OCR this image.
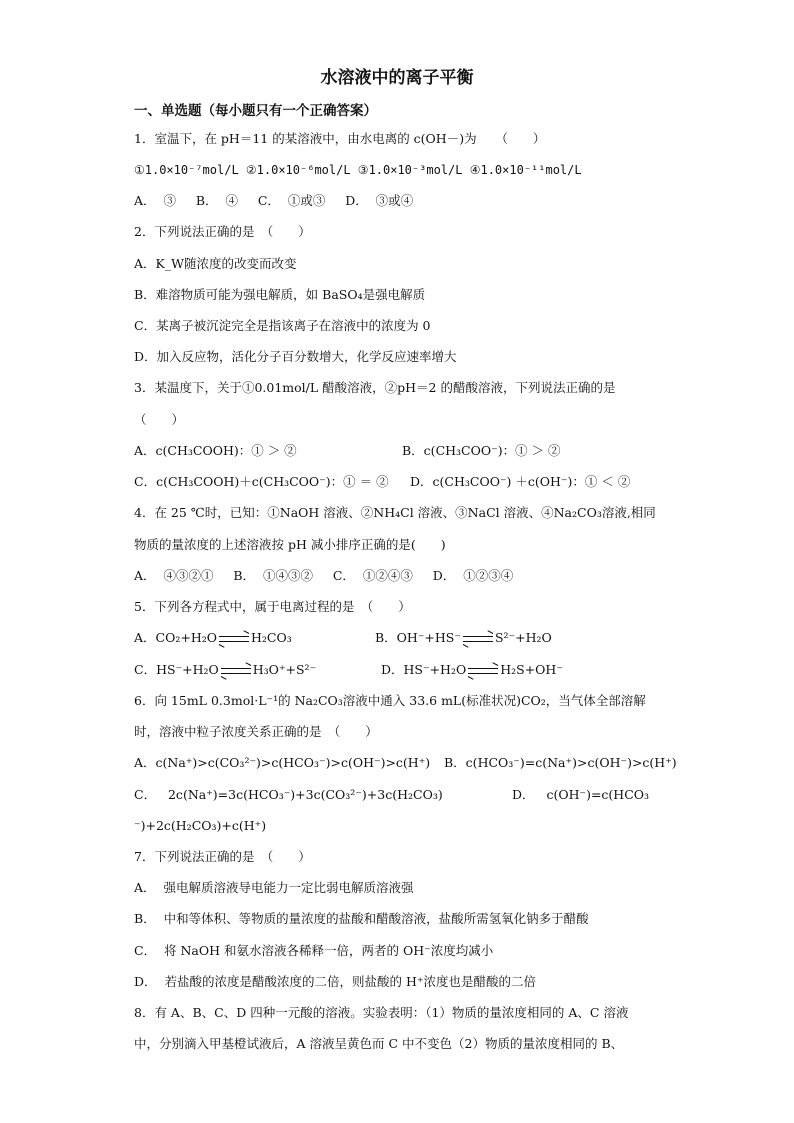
水溶液中的离子平衡
一、单选题（每小题只有一个正确答案）
1．室温下，在 pH＝11 的某溶液中，由水电离的 c(OH－)为　　（　　）
①1.0×10⁻⁷mol/L ②1.0×10⁻⁶mol/L ③1.0×10⁻³mol/L ④1.0×10⁻¹¹mol/L
A．  ③     B．  ④     C．  ①或③     D．  ③或④
2．下列说法正确的是　（　　）
A．K_W随浓度的改变而改变
B．难溶物质可能为强电解质，如 BaSO₄是强电解质
C．某离子被沉淀完全是指该离子在溶液中的浓度为 0
D．加入反应物，活化分子百分数增大，化学反应速率增大
3．某温度下，关于①0.01mol/L 醋酸溶液，②pH＝2 的醋酸溶液，下列说法正确的是
（　　）
A．c(CH₃COOH)：① ＞ ②	B．c(CH₃COO⁻)：① ＞ ②
C．c(CH₃COOH)＋c(CH₃COO⁻)：① ＝ ② D．c(CH₃COO⁻) ＋c(OH⁻)：① ＜ ②
4．在 25 ℃时，已知：①NaOH 溶液、②NH₄Cl 溶液、③NaCl 溶液、④Na₂CO₃溶液,相同
物质的量浓度的上述溶液按 pH 减小排序正确的是(　　)
A．  ④③②①     B．  ①④③②     C．  ①②④③     D．  ①②③④
5．下列各方程式中，属于电离过程的是　（　　）
A．CO₂+H₂O	H₂CO₃	B．OH⁻+HS⁻	S²⁻+H₂O
C．HS⁻+H₂O	H₃O⁺+S²⁻	D．HS⁻+H₂O	H₂S+OH⁻
6．向 15mL 0.3mol·L⁻¹的 Na₂CO₃溶液中通入 33.6 mL(标准状况)CO₂，当气体全部溶解
时，溶液中粒子浓度关系正确的是　（　　）
A．c(Na⁺)>c(CO₃²⁻)>c(HCO₃⁻)>c(OH⁻)>c(H⁺) B．c(HCO₃⁻)=c(Na⁺)>c(OH⁻)>c(H⁺)
C．   2c(Na⁺)=3c(HCO₃⁻)+3c(CO₃²⁻)+3c(H₂CO₃)	D．   c(OH⁻)=c(HCO₃
⁻)+2c(H₂CO₃)+c(H⁺)
7．下列说法正确的是　（　　）
A．  强电解质溶液导电能力一定比弱电解质溶液强
B．  中和等体积、等物质的量浓度的盐酸和醋酸溶液，盐酸所需氢氧化钠多于醋酸
C．  将 NaOH 和氨水溶液各稀释一倍，两者的 OH⁻浓度均减小
D．  若盐酸的浓度是醋酸浓度的二倍，则盐酸的 H⁺浓度也是醋酸的二倍
8．有 A、B、C、D 四种一元酸的溶液。实验表明：（1）物质的量浓度相同的 A、C 溶液
中，分别滴入甲基橙试液后，A 溶液呈黄色而 C 中不变色（2）物质的量浓度相同的 B、
